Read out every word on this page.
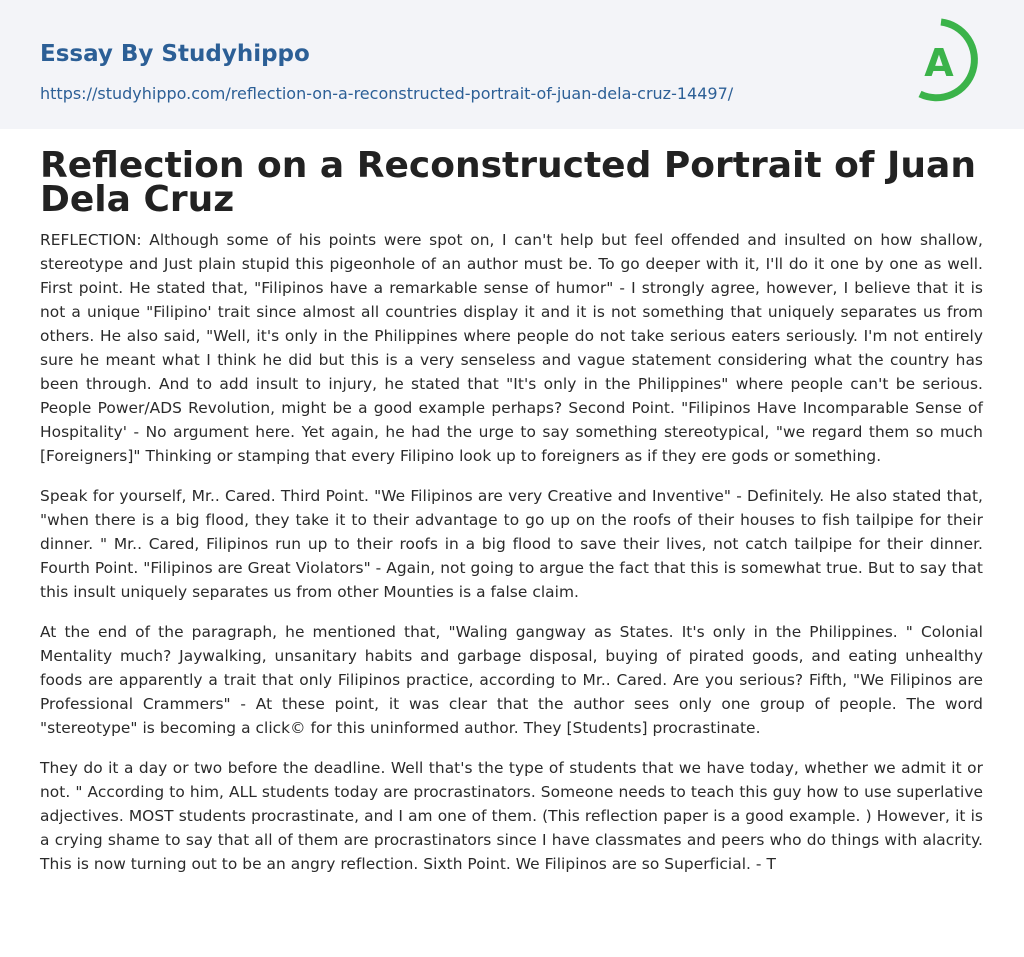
Essay By Studyhippo
https://studyhippo.com/reflection-on-a-reconstructed-portrait-of-juan-dela-cruz-14497/
A
Reflection on a Reconstructed Portrait of Juan Dela Cruz

REFLECTION: Although some of his points were spot on, I can't help but feel offended and insulted on how shallow, stereotype and Just plain stupid this pigeonhole of an author must be. To go deeper with it, I'll do it one by one as well. First point. He stated that, "Filipinos have a remarkable sense of humor" - I strongly agree, however, I believe that it is not a unique "Filipino' trait since almost all countries display it and it is not something that uniquely separates us from others. He also said, "Well, it's only in the Philippines where people do not take serious eaters seriously. I'm not entirely sure he meant what I think he did but this is a very senseless and vague statement considering what the country has been through. And to add insult to injury, he stated that "It's only in the Philippines" where people can't be serious. People Power/ADS Revolution, might be a good example perhaps? Second Point. "Filipinos Have Incomparable Sense of Hospitality' - No argument here. Yet again, he had the urge to say something stereotypical, "we regard them so much [Foreigners]" Thinking or stamping that every Filipino look up to foreigners as if they ere gods or something.

Speak for yourself, Mr.. Cared. Third Point. "We Filipinos are very Creative and Inventive" - Definitely. He also stated that, "when there is a big flood, they take it to their advantage to go up on the roofs of their houses to fish tailpipe for their dinner. " Mr.. Cared, Filipinos run up to their roofs in a big flood to save their lives, not catch tailpipe for their dinner. Fourth Point. "Filipinos are Great Violators" - Again, not going to argue the fact that this is somewhat true. But to say that this insult uniquely separates us from other Mounties is a false claim.

At the end of the paragraph, he mentioned that, "Waling gangway as States. It's only in the Philippines. " Colonial Mentality much? Jaywalking, unsanitary habits and garbage disposal, buying of pirated goods, and eating unhealthy foods are apparently a trait that only Filipinos practice, according to Mr.. Cared. Are you serious? Fifth, "We Filipinos are Professional Crammers" - At these point, it was clear that the author sees only one group of people. The word "stereotype" is becoming a click© for this uninformed author. They [Students] procrastinate.

They do it a day or two before the deadline. Well that's the type of students that we have today, whether we admit it or not. " According to him, ALL students today are procrastinators. Someone needs to teach this guy how to use superlative adjectives. MOST students procrastinate, and I am one of them. (This reflection paper is a good example. ) However, it is a crying shame to say that all of them are procrastinators since I have classmates and peers who do things with alacrity. This is now turning out to be an angry reflection. Sixth Point. We Filipinos are so Superficial. - T
